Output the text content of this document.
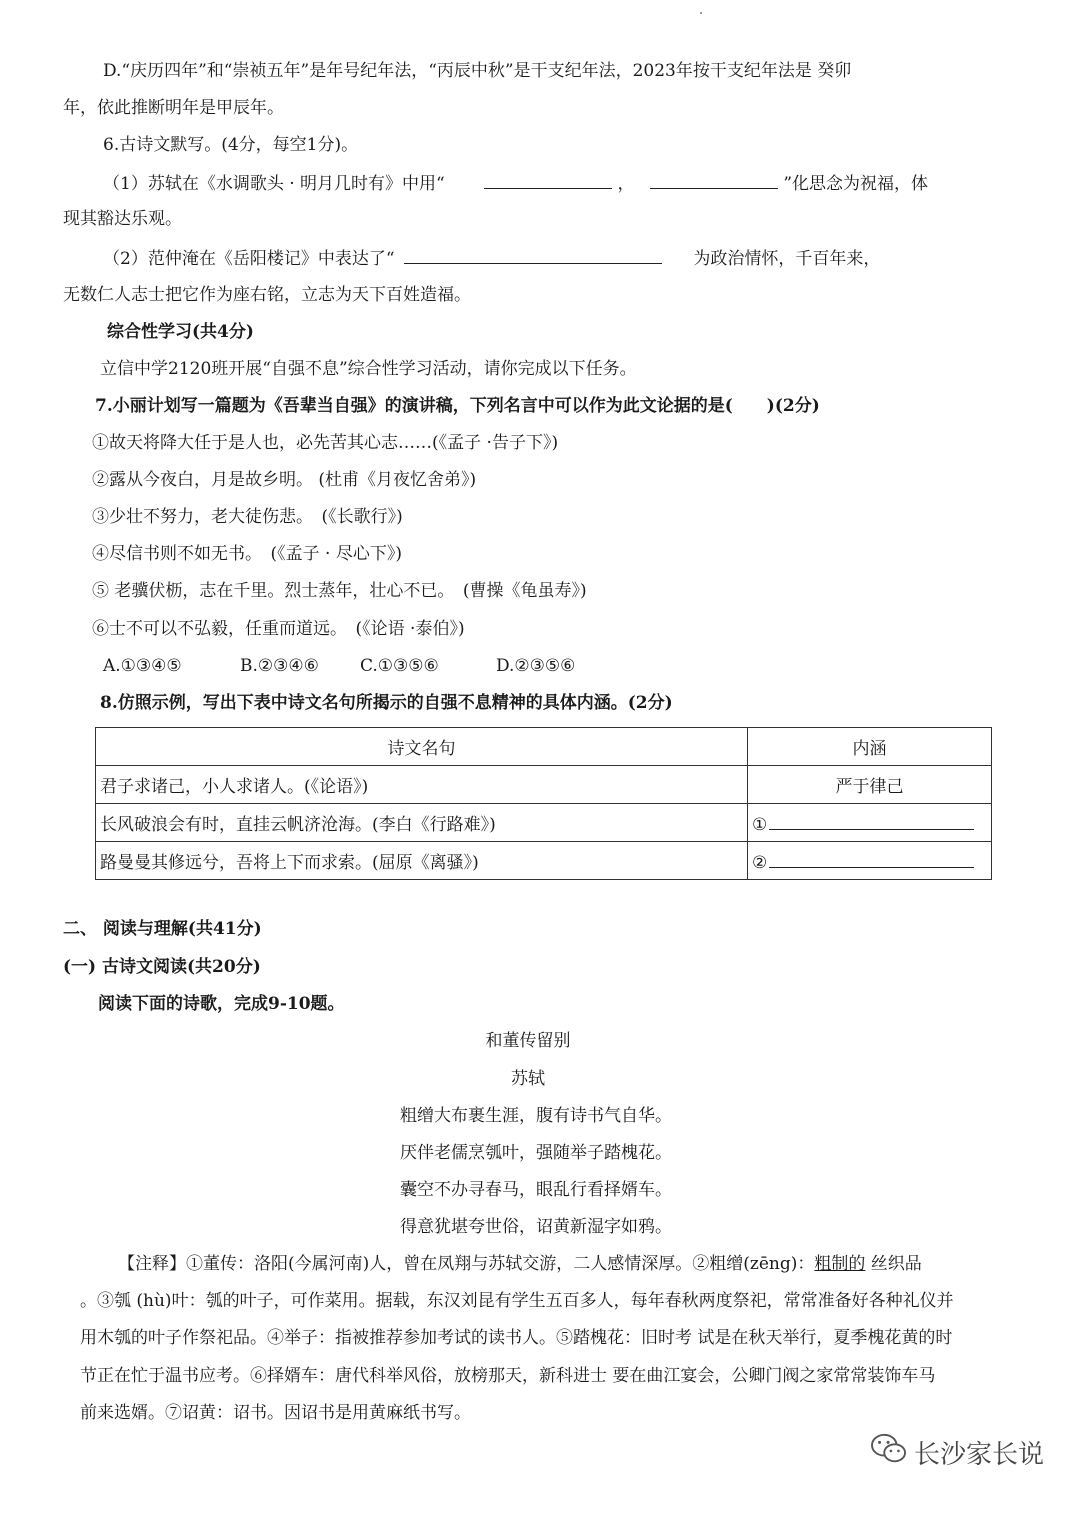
D.“庆历四年”和“崇祯五年”是年号纪年法，“丙辰中秋”是干支纪年法，2023年按干支纪年法是 癸卯
年，依此推断明年是甲辰年。
6.古诗文默写。(4分，每空1分)。
（1）苏轼在《水调歌头 · 明月几时有》中用“	，	”化思念为祝福，体
现其豁达乐观。
（2）范仲淹在《岳阳楼记》中表达了“	为政治情怀，千百年来，
无数仁人志士把它作为座右铭，立志为天下百姓造福。
综合性学习(共4分)
立信中学2120班开展“自强不息”综合性学习活动，请你完成以下任务。
7.小丽计划写一篇题为《吾辈当自强》的演讲稿，下列名言中可以作为此文论据的是(　　)(2分)
①故天将降大任于是人也，必先苦其心志……(《孟子 ·告子下》)
②露从今夜白，月是故乡明。 (杜甫《月夜忆舍弟》)
③少壮不努力，老大徒伤悲。　(《长歌行》)
④尽信书则不如无书。　(《孟子 · 尽心下》)
⑤ 老骥伏枥，志在千里。烈士蒸年，壮心不已。　(曹操《龟虽寿》)
⑥士不可以不弘毅，任重而道远。　(《论语 ·泰伯》)
A.①③④⑤	B.②③④⑥ C.①③⑤⑥	D.②③⑤⑥
8.仿照示例，写出下表中诗文名句所揭示的自强不息精神的具体内涵。(2分)
诗文名句	内涵
君子求诸己，小人求诸人。(《论语》)	严于律己
长风破浪会有时，直挂云帆济沧海。(李白《行路难》)	①
路曼曼其修远兮，吾将上下而求索。(屈原《离骚》)	②
二、 阅读与理解(共41分)
(一) 古诗文阅读(共20分)
阅读下面的诗歌，完成9-10题。
和董传留别
苏轼
粗缯大布裹生涯，腹有诗书气自华。
厌伴老儒烹瓠叶，强随举子踏槐花。
囊空不办寻春马，眼乱行看择婿车。
得意犹堪夸世俗，诏黄新湿字如鸦。
【注释】①董传：洛阳(今属河南)人，曾在凤翔与苏轼交游，二人感情深厚。②粗缯(zēng)：粗制的 丝织品
。③瓠 (hù)叶：瓠的叶子，可作菜用。据载，东汉刘昆有学生五百多人，每年春秋两度祭祀，常常准备好各种礼仪并
用木瓠的叶子作祭祀品。④举子：指被推荐参加考试的读书人。⑤踏槐花：旧时考 试是在秋天举行，夏季槐花黄的时
节正在忙于温书应考。⑥择婿车：唐代科举风俗，放榜那天，新科进士 要在曲江宴会，公卿门阀之家常常装饰车马
前来选婿。⑦诏黄：诏书。因诏书是用黄麻纸书写。
长沙家长说
